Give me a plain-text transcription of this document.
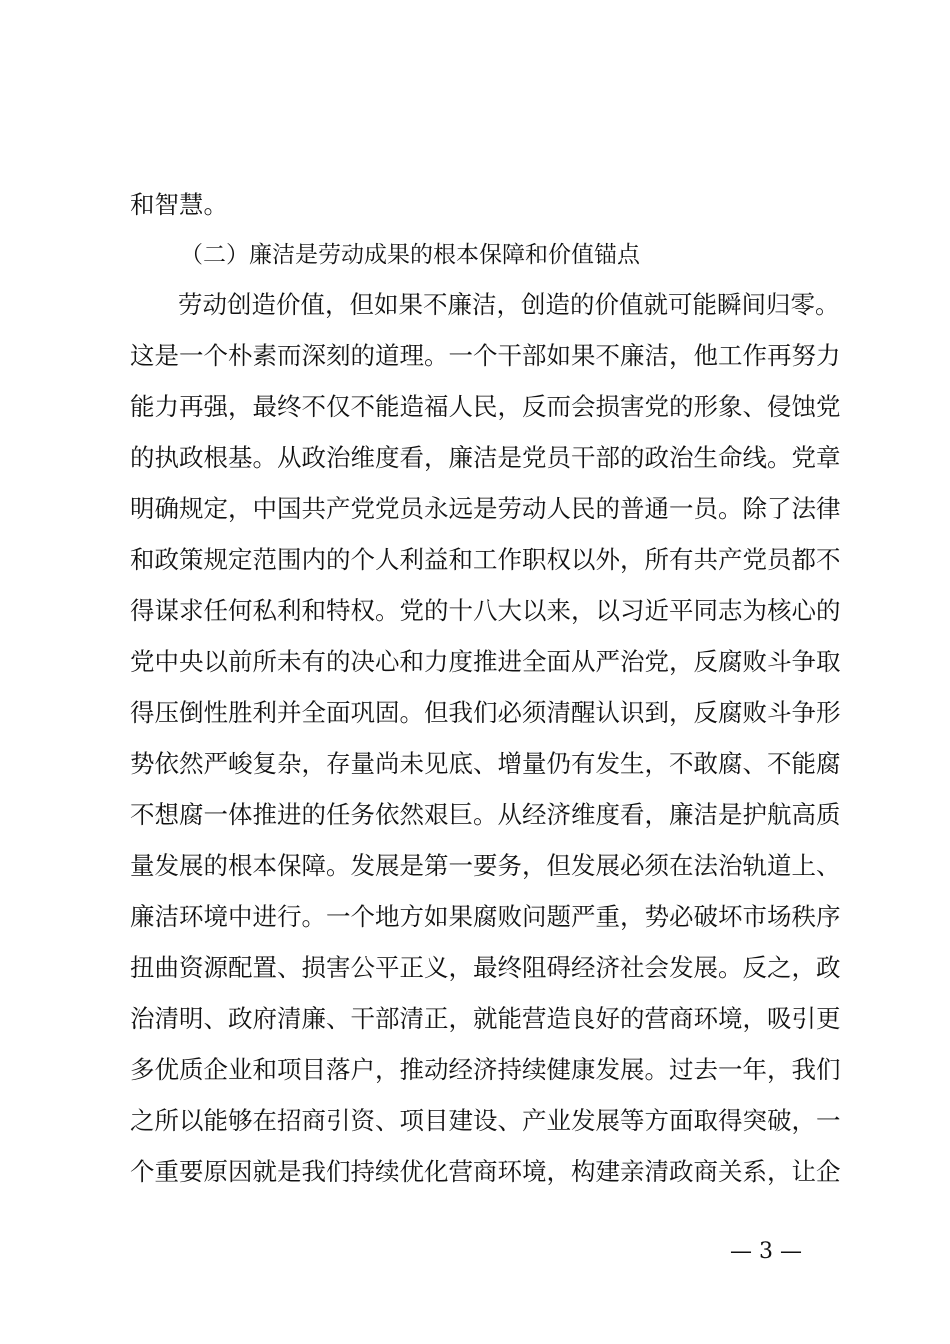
和智慧。
（二）廉洁是劳动成果的根本保障和价值锚点
劳动创造价值，但如果不廉洁，创造的价值就可能瞬间归零。
这是一个朴素而深刻的道理。一个干部如果不廉洁，他工作再努力
能力再强，最终不仅不能造福人民，反而会损害党的形象、侵蚀党
的执政根基。从政治维度看，廉洁是党员干部的政治生命线。党章
明确规定，中国共产党党员永远是劳动人民的普通一员。除了法律
和政策规定范围内的个人利益和工作职权以外，所有共产党员都不
得谋求任何私利和特权。党的十八大以来，以习近平同志为核心的
党中央以前所未有的决心和力度推进全面从严治党，反腐败斗争取
得压倒性胜利并全面巩固。但我们必须清醒认识到，反腐败斗争形
势依然严峻复杂，存量尚未见底、增量仍有发生，不敢腐、不能腐
不想腐一体推进的任务依然艰巨。从经济维度看，廉洁是护航高质
量发展的根本保障。发展是第一要务，但发展必须在法治轨道上、
廉洁环境中进行。一个地方如果腐败问题严重，势必破坏市场秩序
扭曲资源配置、损害公平正义，最终阻碍经济社会发展。反之，政
治清明、政府清廉、干部清正，就能营造良好的营商环境，吸引更
多优质企业和项目落户，推动经济持续健康发展。过去一年，我们
之所以能够在招商引资、项目建设、产业发展等方面取得突破，一
个重要原因就是我们持续优化营商环境，构建亲清政商关系，让企
— 3 —
